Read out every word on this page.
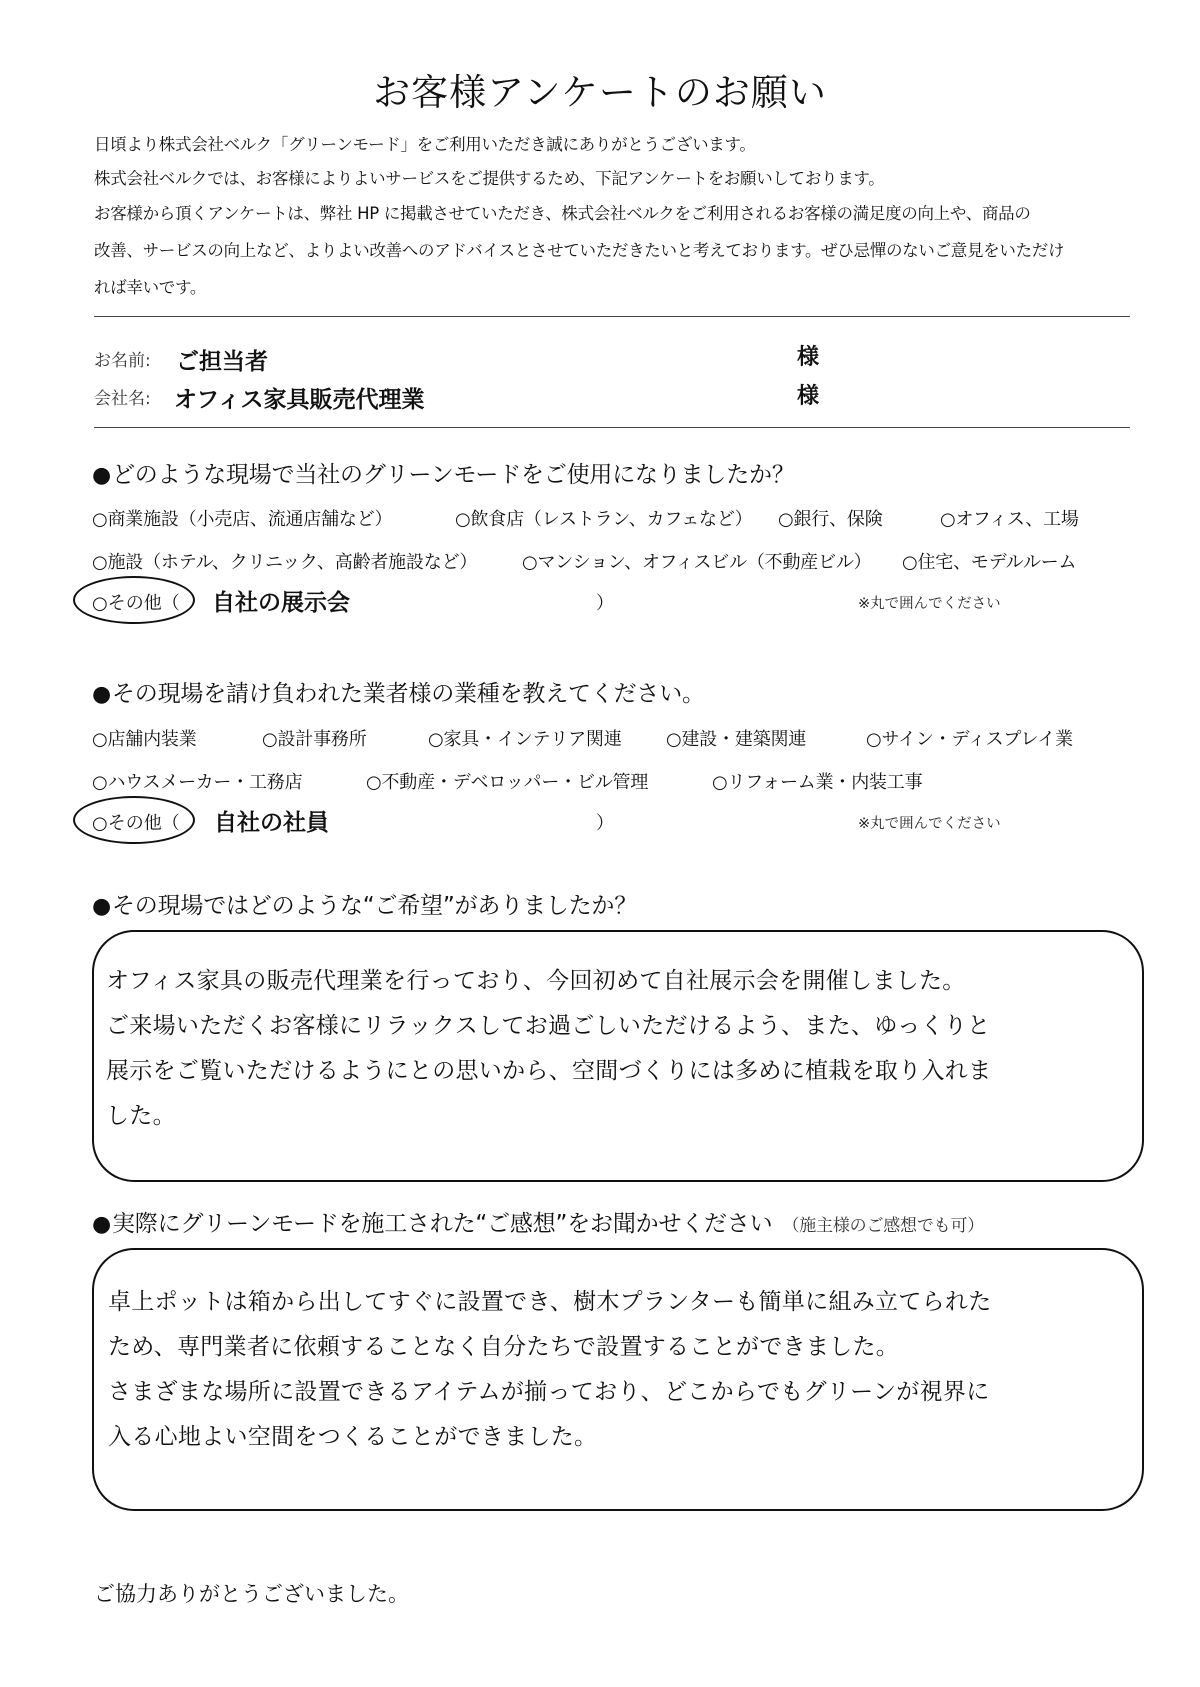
お客様アンケートのお願い
日頃より株式会社ベルク「グリーンモード」をご利用いただき誠にありがとうございます。
株式会社ベルクでは、お客様によりよいサービスをご提供するため、下記アンケートをお願いしております。
お客様から頂くアンケートは、弊社 HP に掲載させていただき、株式会社ベルクをご利用されるお客様の満足度の向上や、商品の
改善、サービスの向上など、よりよい改善へのアドバイスとさせていただきたいと考えております。ぜひ忌憚のないご意見をいただけ
れば幸いです。
お名前: ご担当者	様
会社名: オフィス家具販売代理業	様
●どのような現場で当社のグリーンモードをご使用になりましたか？
○商業施設（小売店、流通店舗など）	○飲食店（レストラン、カフェなど） ○銀行、保険	○オフィス、工場
○施設（ホテル、クリニック、高齢者施設など） ○マンション、オフィスビル（不動産ビル） ○住宅、モデルルーム
○その他（ 自社の展示会	）	※丸で囲んでください
●その現場を請け負われた業者様の業種を教えてください。
○店舗内装業	○設計事務所	○家具・インテリア関連 ○建設・建築関連	○サイン・ディスプレイ業
○ハウスメーカー・工務店	○不動産・デベロッパー・ビル管理	○リフォーム業・内装工事
○その他（ 自社の社員	）	※丸で囲んでください
●その現場ではどのような“ご希望”がありましたか？
オフィス家具の販売代理業を行っており、今回初めて自社展示会を開催しました。
ご来場いただくお客様にリラックスしてお過ごしいただけるよう、また、ゆっくりと
展示をご覧いただけるようにとの思いから、空間づくりには多めに植栽を取り入れま
した。
●実際にグリーンモードを施工された“ご感想”をお聞かせください （施主様のご感想でも可）
卓上ポットは箱から出してすぐに設置でき、樹木プランターも簡単に組み立てられた
ため、専門業者に依頼することなく自分たちで設置することができました。
さまざまな場所に設置できるアイテムが揃っており、どこからでもグリーンが視界に
入る心地よい空間をつくることができました。
ご協力ありがとうございました。
